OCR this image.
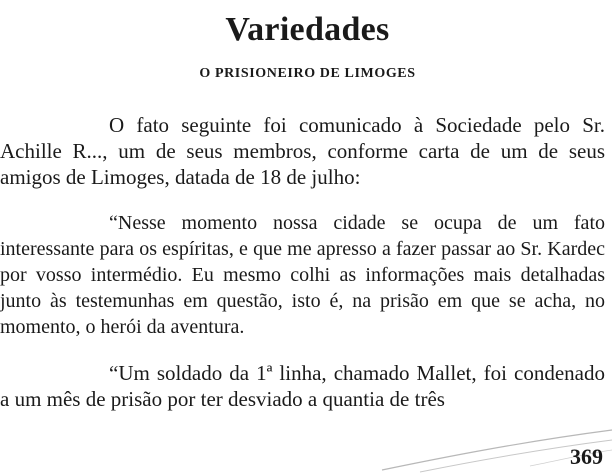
Variedades
O PRISIONEIRO DE LIMOGES

O fato seguinte foi comunicado à Sociedade pelo Sr. Achille R..., um de seus membros, conforme carta de um de seus amigos de Limoges, datada de 18 de julho:

“Nesse momento nossa cidade se ocupa de um fato interessante para os espíritas, e que me apresso a fazer passar ao Sr. Kardec por vosso intermédio. Eu mesmo colhi as informações mais detalhadas junto às testemunhas em questão, isto é, na prisão em que se acha, no momento, o herói da aventura.

“Um soldado da 1ª linha, chamado Mallet, foi condenado a um mês de prisão por ter desviado a quantia de três

369
